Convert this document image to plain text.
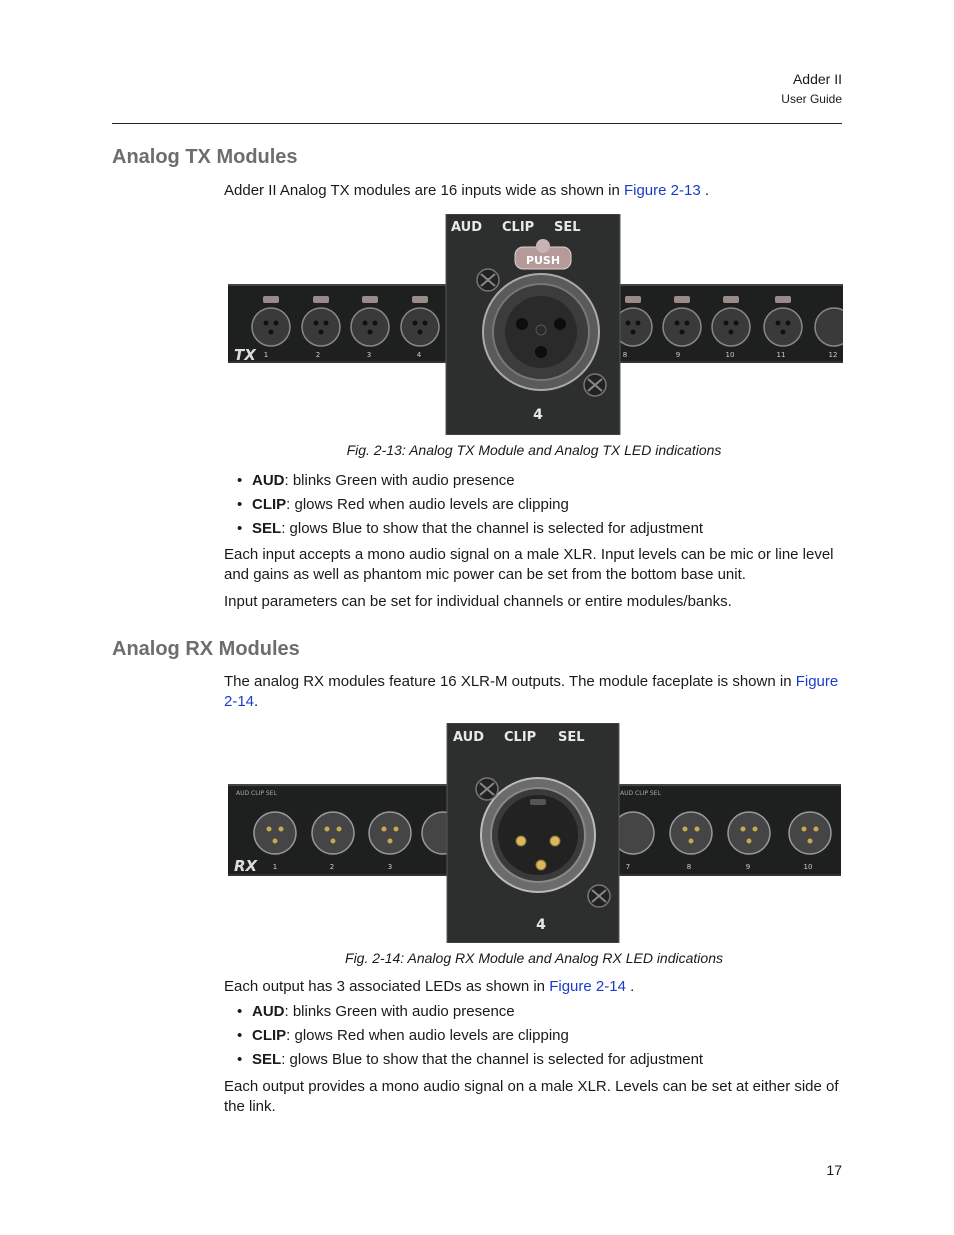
Adder II
User Guide
Analog TX Modules

Adder II Analog TX modules are 16 inputs wide as shown in Figure 2-13 .

TX 1	2	3	4	8	9	10	11	12
AUD CLIP SEL
PUSH
4
Fig. 2-13: Analog TX Module and Analog TX LED indications
• AUD: blinks Green with audio presence
• CLIP: glows Red when audio levels are clipping
• SEL: glows Blue to show that the channel is selected for adjustment

Each input accepts a mono audio signal on a male XLR. Input levels can be mic or line level and gains as well as phantom mic power can be set from the bottom base unit.

Input parameters can be set for individual channels or entire modules/banks.

Analog RX Modules

The analog RX modules feature 16 XLR-M outputs. The module faceplate is shown in Figure 2-14.

AUD CLIP SEL	AUD CLIP SEL
RX 1	2	3	7	8	9	10
AUD CLIP SEL
4
Fig. 2-14: Analog RX Module and Analog RX LED indications

Each output has 3 associated LEDs as shown in Figure 2-14 .

• AUD: blinks Green with audio presence
• CLIP: glows Red when audio levels are clipping
• SEL: glows Blue to show that the channel is selected for adjustment

Each output provides a mono audio signal on a male XLR. Levels can be set at either side of the link.

17
